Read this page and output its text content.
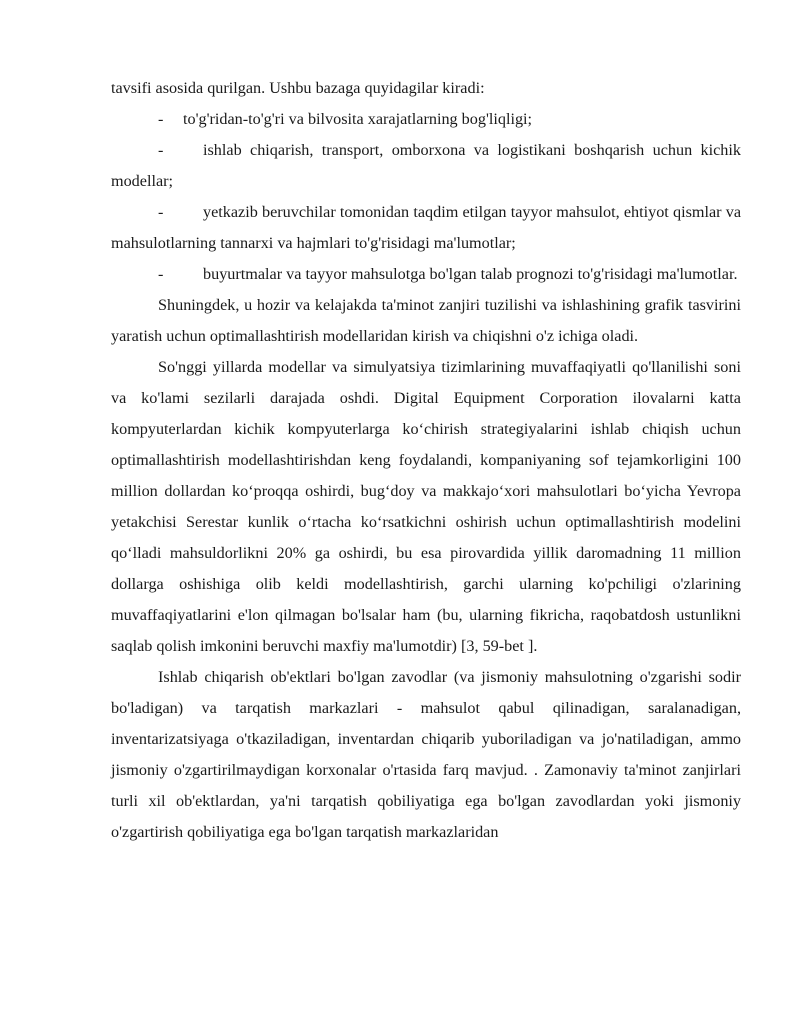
tavsifi asosida qurilgan. Ushbu bazaga quyidagilar kiradi:

- to'g'ridan-to'g'ri va bilvosita xarajatlarning bog'liqligi;

- ishlab chiqarish, transport, omborxona va logistikani boshqarish uchun kichik modellar;

- yetkazib beruvchilar tomonidan taqdim etilgan tayyor mahsulot, ehtiyot qismlar va mahsulotlarning tannarxi va hajmlari to'g'risidagi ma'lumotlar;

- buyurtmalar va tayyor mahsulotga bo'lgan talab prognozi to'g'risidagi ma'lumotlar.

Shuningdek, u hozir va kelajakda ta'minot zanjiri tuzilishi va ishlashining grafik tasvirini yaratish uchun optimallashtirish modellaridan kirish va chiqishni o'z ichiga oladi.

So'nggi yillarda modellar va simulyatsiya tizimlarining muvaffaqiyatli qo'llanilishi soni va ko'lami sezilarli darajada oshdi. Digital Equipment Corporation ilovalarni katta kompyuterlardan kichik kompyuterlarga ko‘chirish strategiyalarini ishlab chiqish uchun optimallashtirish modellashtirishdan keng foydalandi, kompaniyaning sof tejamkorligini 100 million dollardan ko‘proqqa oshirdi, bug‘doy va makkajo‘xori mahsulotlari bo‘yicha Yevropa yetakchisi Serestar kunlik o‘rtacha ko‘rsatkichni oshirish uchun optimallashtirish modelini qo‘lladi mahsuldorlikni 20% ga oshirdi, bu esa pirovardida yillik daromadning 11 million dollarga oshishiga olib keldi modellashtirish, garchi ularning ko'pchiligi o'zlarining muvaffaqiyatlarini e'lon qilmagan bo'lsalar ham (bu, ularning fikricha, raqobatdosh ustunlikni saqlab qolish imkonini beruvchi maxfiy ma'lumotdir) [3, 59-bet ].

Ishlab chiqarish ob'ektlari bo'lgan zavodlar (va jismoniy mahsulotning o'zgarishi sodir bo'ladigan) va tarqatish markazlari - mahsulot qabul qilinadigan, saralanadigan, inventarizatsiyaga o'tkaziladigan, inventardan chiqarib yuboriladigan va jo'natiladigan, ammo jismoniy o'zgartirilmaydigan korxonalar o'rtasida farq mavjud. . Zamonaviy ta'minot zanjirlari turli xil ob'ektlardan, ya'ni tarqatish qobiliyatiga ega bo'lgan zavodlardan yoki jismoniy o'zgartirish qobiliyatiga ega bo'lgan tarqatish markazlaridan
